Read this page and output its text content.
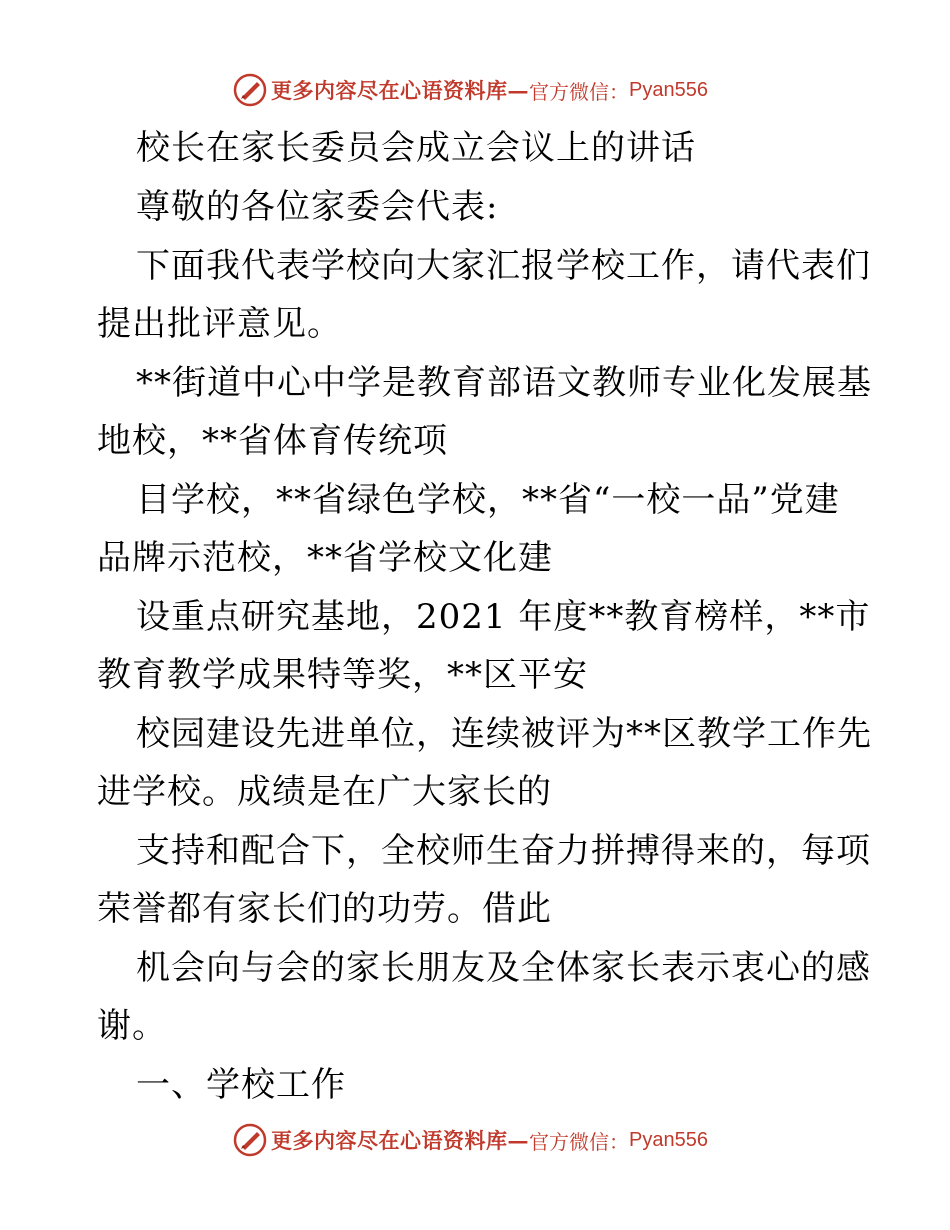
更多内容尽在心语资料库— 官方微信： Pyan556
校长在家长委员会成立会议上的讲话
尊敬的各位家委会代表:
下面我代表学校向大家汇报学校工作，请代表们
提出批评意见。
**街道中心中学是教育部语文教师专业化发展基
地校，**省体育传统项
目学校，**省绿色学校，**省“一校一品”党建
品牌示范校，**省学校文化建
设重点研究基地，2021 年度**教育榜样，**市
教育教学成果特等奖，**区平安
校园建设先进单位，连续被评为**区教学工作先
进学校。成绩是在广大家长的
支持和配合下，全校师生奋力拼搏得来的，每项
荣誉都有家长们的功劳。借此
机会向与会的家长朋友及全体家长表示衷心的感
谢。
一、学校工作
更多内容尽在心语资料库— 官方微信： Pyan556
